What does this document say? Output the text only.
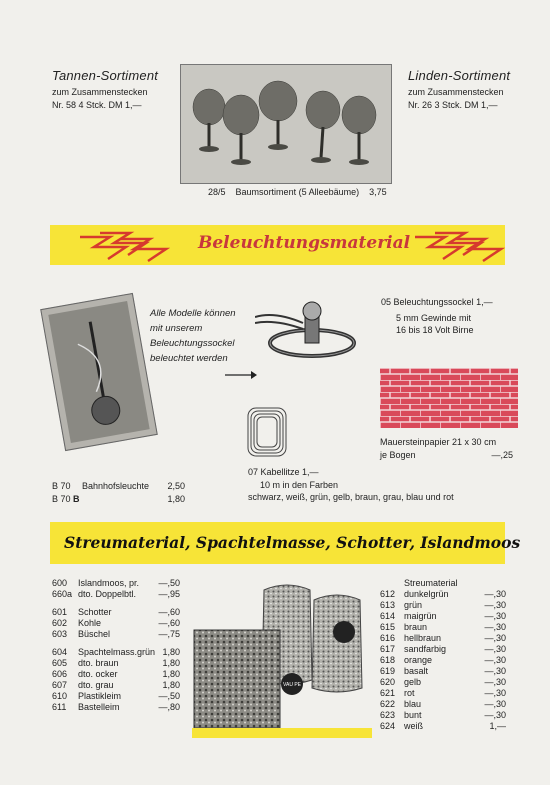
Tannen-Sortiment
zum Zusammenstecken
Nr. 58 4 Stck. DM 1,—
28/5 Baumsortiment (5 Alleebäume) 3,75
Linden-Sortiment
zum Zusammenstecken
Nr. 26 3 Stck. DM 1,—
Beleuchtungsmaterial
Alle Modelle können
mit unserem
Beleuchtungssockel
beleuchtet werden
05 Beleuchtungssockel 1,—
5 mm Gewinde mit
16 bis 18 Volt Birne
Mauersteinpapier 21 x 30 cm
je Bogen	—,25
07 Kabellitze 1,—
10 m in den Farben
schwarz, weiß, grün, gelb, braun, grau, blau und rot
B 70	Bahnhofsleuchte	2,50
B 70 B	1,80
Streumaterial, Spachtelmasse, Schotter, Islandmoos
600	Islandmoos, pr.	—,50
660a	dto. Doppelbtl.	—,95

601	Schotter	—,60
602	Kohle	—,60
603	Büschel	—,75

604	Spachtelmass.grün	1,80
605	dto. braun	1,80
606	dto. ocker	1,80
607	dto. grau	1,80
610	Plastikleim	—,50
611	Bastelleim	—,80
VAU PE
Streumaterial
612	dunkelgrün	—,30
613	grün	—,30
614	maigrün	—,30
615	braun	—,30
616	hellbraun	—,30
617	sandfarbig	—,30
618	orange	—,30
619	basalt	—,30
620	gelb	—,30
621	rot	—,30
622	blau	—,30
623	bunt	—,30
624	weiß	1,—
